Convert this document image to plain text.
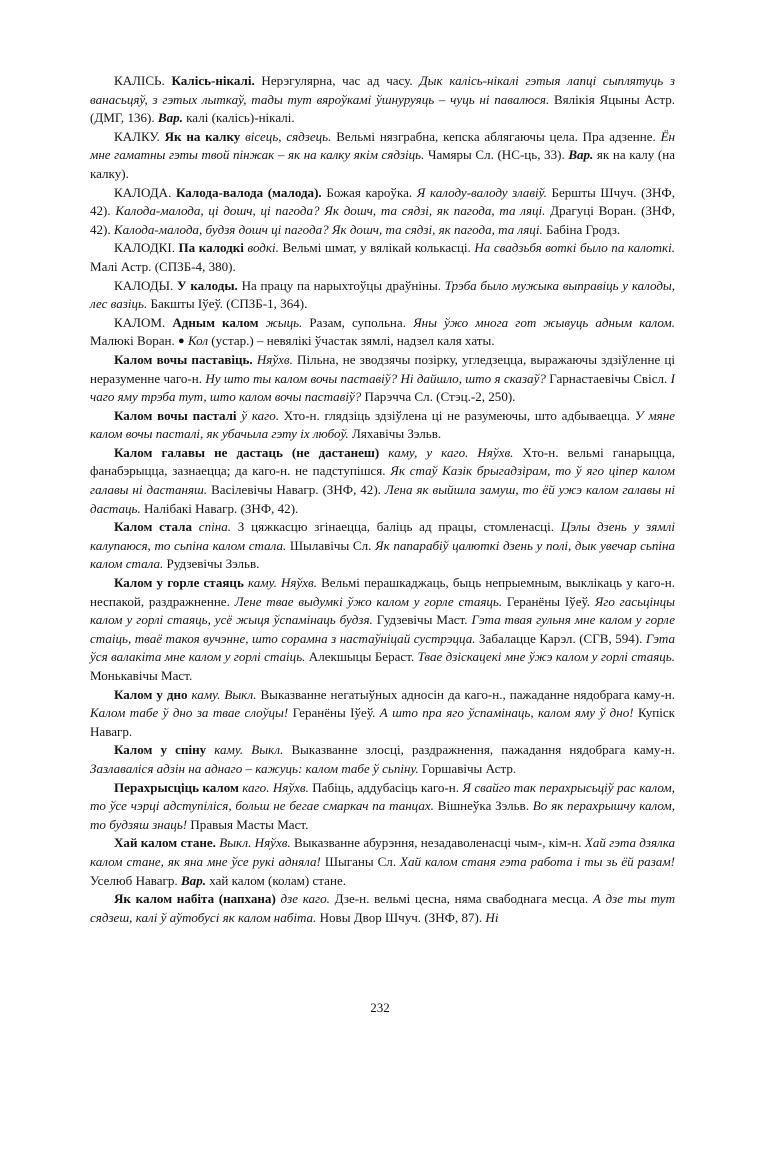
КАЛІСЬ. Калісь-нікалі. Нерэгулярна, час ад часу. Дык калісь-нікалі гэтыя лапці сыплятуць з ванасьцяў, з гэтых лыткаў, тады тут вяроўкамі ўшнуруяць – чуць ні павалюся. Вялікія Яцыны Астр. (ДМГ, 136). Вар. калі (калісь)-нікалі.

КАЛКУ. Як на калку вісець, сядзець. Вельмі нязграбна, кепска аблягаючы цела. Пра адзенне. Ён мне гаматны гэты твой пінжак – як на калку якім сядзіць. Чамяры Сл. (НС-ць, 33). Вар. як на калу (на калку).

КАЛОДА. Калода-валода (малода). Божая кароўка. Я калоду-валоду злавіў. Бершты Шчуч. (ЗНФ, 42). Калода-малода, ці дошч, ці пагода? Як дошч, та сядзі, як пагода, та ляці. Драгуці Воран. (ЗНФ, 42). Калода-малода, будзя дошч ці пагода? Як дошч, та сядзі, як пагода, та ляці. Бабіна Гродз.

КАЛОДКІ. Па калодкі водкі. Вельмі шмат, у вялікай колькасці. На свадзьбя воткі было па калоткі. Малі Астр. (СПЗБ-4, 380).

КАЛОДЫ. У калоды. На працу па нарыхтоўцы драўніны. Трэба было мужыка выправіць у калоды, лес вазіць. Бакшты Іўеў. (СПЗБ-1, 364).

КАЛОМ. Адным калом жыць. Разам, супольна. Яны ўжо многа гот жывуць адным калом. Малюкі Воран. ● Кол (устар.) – невялікі ўчастак зямлі, надзел каля хаты.

Калом вочы паставіць. Няўхв. Пільна, не зводзячы позірку, угледзецца, выражаючы здзіўленне ці неразуменне чаго-н. Ну што ты калом вочы паставіў? Ні дайшло, што я сказаў? Гарнастаевічы Свісл. І чаго яму трэба тут, што калом вочы паставіў? Парэчча Сл. (Стэц.-2, 250).

Калом вочы пасталі ў каго. Хто-н. глядзіць здзіўлена ці не разумеючы, што адбываецца. У мяне калом вочы пасталі, як убачыла гэту іх любоў. Ляхавічы Зэльв.

Калом галавы не дастаць (не дастанеш) каму, у каго. Няўхв. Хто-н. вельмі ганарыцца, фанабэрыцца, зазнаецца; да каго-н. не падступішся. Як стаў Казік брыгадзірам, то ў яго ціпер калом галавы ні дастаняш. Васілевічы Навагр. (ЗНФ, 42). Лена як выйшла замуш, то ёй ужэ калом галавы ні дастаць. Налібакі Навагр. (ЗНФ, 42).

Калом стала спіна. З цяжкасцю згінаецца, баліць ад працы, стомленасці. Цэлы дзень у зямлі калупаюся, то сьпіна калом стала. Шылавічы Сл. Як папарабіў цалюткі дзень у полі, дык увечар сьпіна калом стала. Рудзевічы Зэльв.

Калом у горле стаяць каму. Няўхв. Вельмі перашкаджаць, быць непрыемным, выклікаць у каго-н. неспакой, раздражненне. Лене твае выдумкі ўжо калом у горле стаяць. Геранёны Іўеў. Яго гасьцінцы калом у горлі стаяць, усё жыця ўспамінаць будзя. Гудзевічы Маст. Гэта твая гульня мне калом у горле стаіць, тваё такоя вучэнне, што сорамна з настаўніцай сустрэцца. Забалацце Карэл. (СГВ, 594). Гэта ўся валакіта мне калом у горлі стаіць. Алекшыцы Бераст. Твае дзіскацекі мне ўжэ калом у горлі стаяць. Монькавічы Маст.

Калом у дно каму. Выкл. Выказванне негатыўных адносін да каго-н., пажаданне нядобрага каму-н. Калом табе ў дно за твае слоўцы! Геранёны Іўеў. А што пра яго ўспамінаць, калом яму ў дно! Купіск Навагр.

Калом у спіну каму. Выкл. Выказванне злосці, раздражнення, пажадання нядобрага каму-н. Зазлаваліся адзін на аднаго – кажуць: калом табе ў сьпіну. Горшавічы Астр.

Перахрысціць калом каго. Няўхв. Пабіць, аддубасіць каго-н. Я свайго так перахрысьціў рас калом, то ўсе чэрці адступіліся, больш не бегае смаркач па танцах. Вішнеўка Зэльв. Во як перахрышчу калом, то будзяш знаць! Правыя Масты Маст.

Хай калом стане. Выкл. Няўхв. Выказванне абурэння, незадаволенасці чым-, кім-н. Хай гэта дзялка калом стане, як яна мне ўсе рукі адняла! Шыганы Сл. Хай калом станя гэта работа і ты зь ёй разам! Уселюб Навагр. Вар. хай калом (колам) стане.

Як калом набіта (напхана) дзе каго. Дзе-н. вельмі цесна, няма свабоднага месца. А дзе ты тут сядзеш, калі ў аўтобусі як калом набіта. Новы Двор Шчуч. (ЗНФ, 87). Ні

232
